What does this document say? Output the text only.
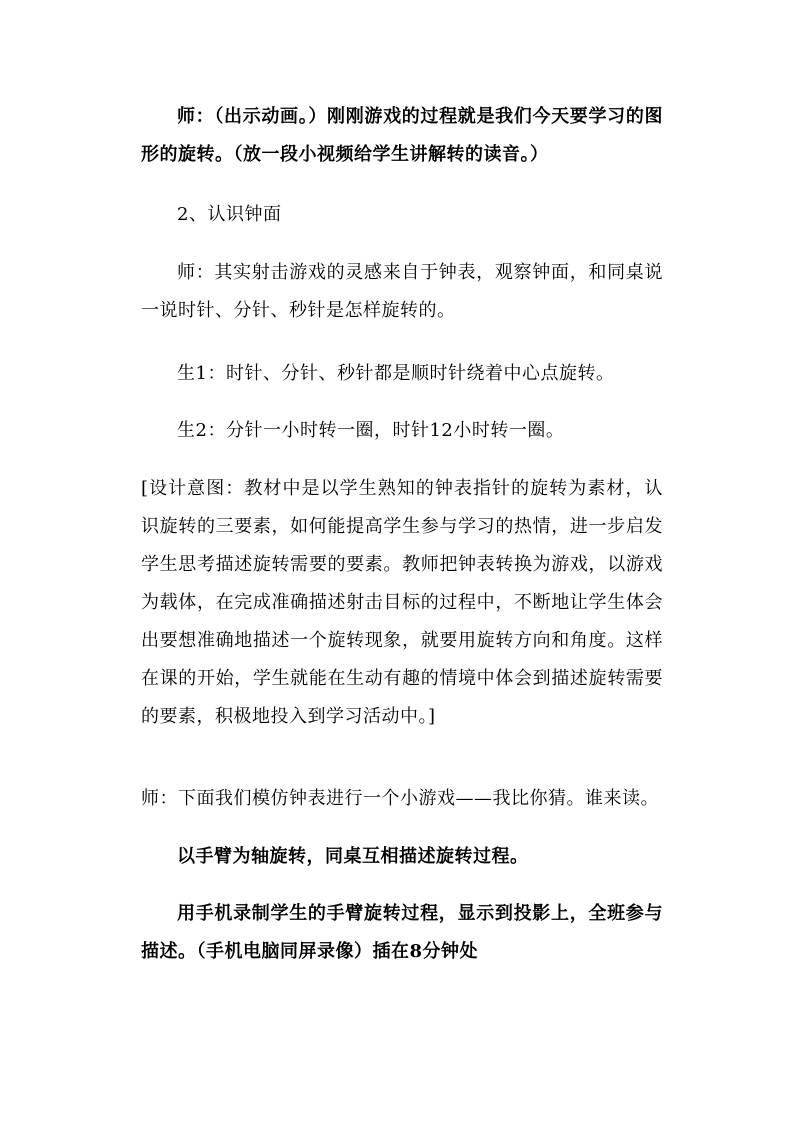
师：（出示动画。）刚刚游戏的过程就是我们今天要学习的图形的旋转。（放一段小视频给学生讲解转的读音。）

2、认识钟面

师：其实射击游戏的灵感来自于钟表，观察钟面，和同桌说一说时针、分针、秒针是怎样旋转的。

生1：时针、分针、秒针都是顺时针绕着中心点旋转。

生2：分针一小时转一圈，时针12小时转一圈。

[设计意图：教材中是以学生熟知的钟表指针的旋转为素材，认识旋转的三要素，如何能提高学生参与学习的热情，进一步启发学生思考描述旋转需要的要素。教师把钟表转换为游戏，以游戏为载体，在完成准确描述射击目标的过程中，不断地让学生体会出要想准确地描述一个旋转现象，就要用旋转方向和角度。这样在课的开始，学生就能在生动有趣的情境中体会到描述旋转需要的要素，积极地投入到学习活动中。]

师：下面我们模仿钟表进行一个小游戏——我比你猜。谁来读。

以手臂为轴旋转，同桌互相描述旋转过程。

用手机录制学生的手臂旋转过程，显示到投影上，全班参与描述。（手机电脑同屏录像）插在8分钟处
